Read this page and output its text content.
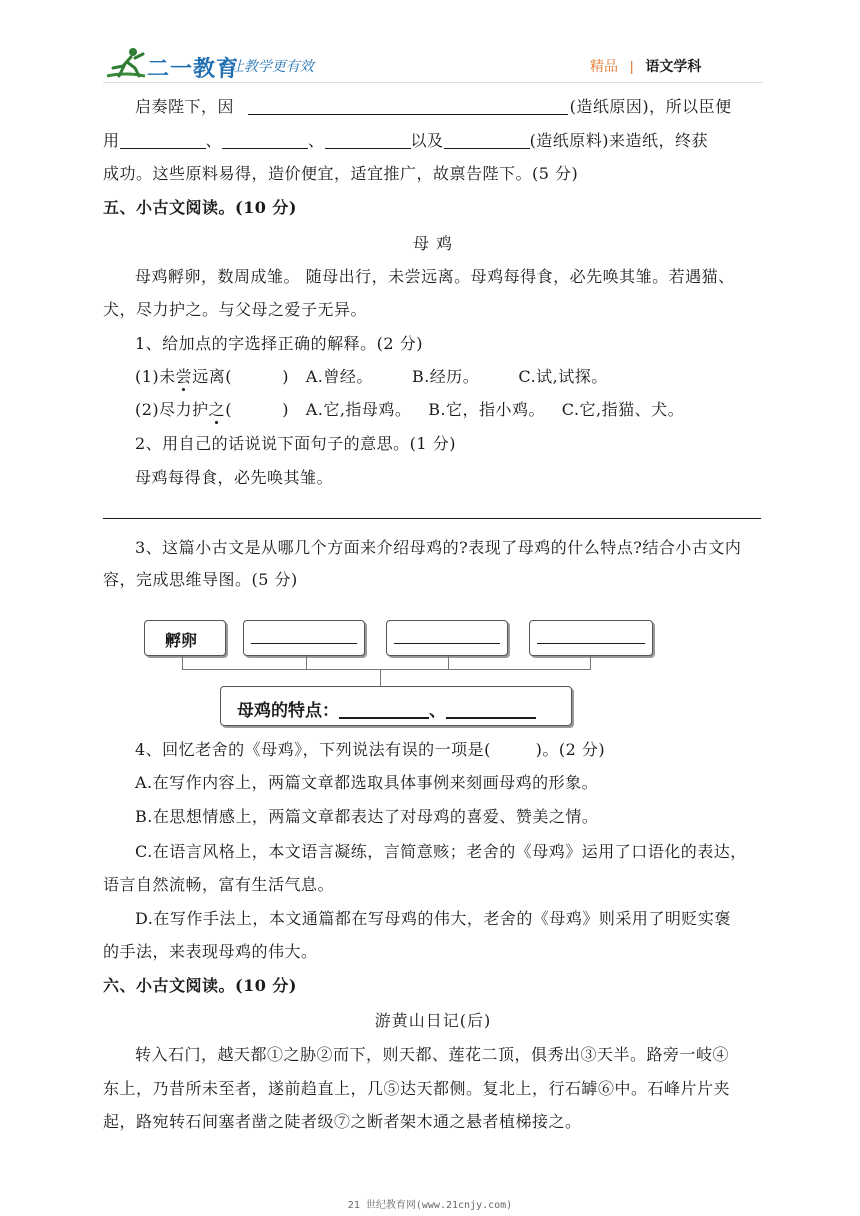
二一教育
/ 让教学更有效	精品 | 语文学科
启奏陛下，因	(造纸原因)，所以臣便
用	、	、	以及	(造纸原料)来造纸，终获
成功。这些原料易得，造价便宜，适宜推广，故禀告陛下。(5 分)
五、小古文阅读。(10 分)
母 鸡
母鸡孵卵，数周成雏。 随母出行，未尝远离。母鸡每得食，必先唤其雏。若遇猫、
犬，尽力护之。与父母之爱子无异。
1、给加点的字选择正确的解释。(2 分)
(1)未尝远离(         )   A.曾经。       B.经历。       C.试,试探。
(2)尽力护之(         )   A.它,指母鸡。   B.它，指小鸡。   C.它,指猫、犬。
2、用自己的话说说下面句子的意思。(1 分)
母鸡每得食，必先唤其雏。
3、这篇小古文是从哪几个方面来介绍母鸡的?表现了母鸡的什么特点?结合小古文内
容，完成思维导图。(5 分)
孵卵
母鸡的特点：	、
4、回忆老舍的《母鸡》，下列说法有误的一项是(        )。(2 分)
A.在写作内容上，两篇文章都选取具体事例来刻画母鸡的形象。
B.在思想情感上，两篇文章都表达了对母鸡的喜爱、赞美之情。
C.在语言风格上，本文语言凝练，言简意赅；老舍的《母鸡》运用了口语化的表达，
语言自然流畅，富有生活气息。
D.在写作手法上，本文通篇都在写母鸡的伟大，老舍的《母鸡》则采用了明贬实褒
的手法，来表现母鸡的伟大。
六、小古文阅读。(10 分)
游黄山日记(后)
转入石门，越天都①之胁②而下，则天都、莲花二顶，俱秀出③天半。路旁一岐④
东上，乃昔所未至者，遂前趋直上，几⑤达天都侧。复北上，行石罅⑥中。石峰片片夹
起，路宛转石间塞者凿之陡者级⑦之断者架木通之悬者植梯接之。
21 世纪教育网(www.21cnjy.com)
